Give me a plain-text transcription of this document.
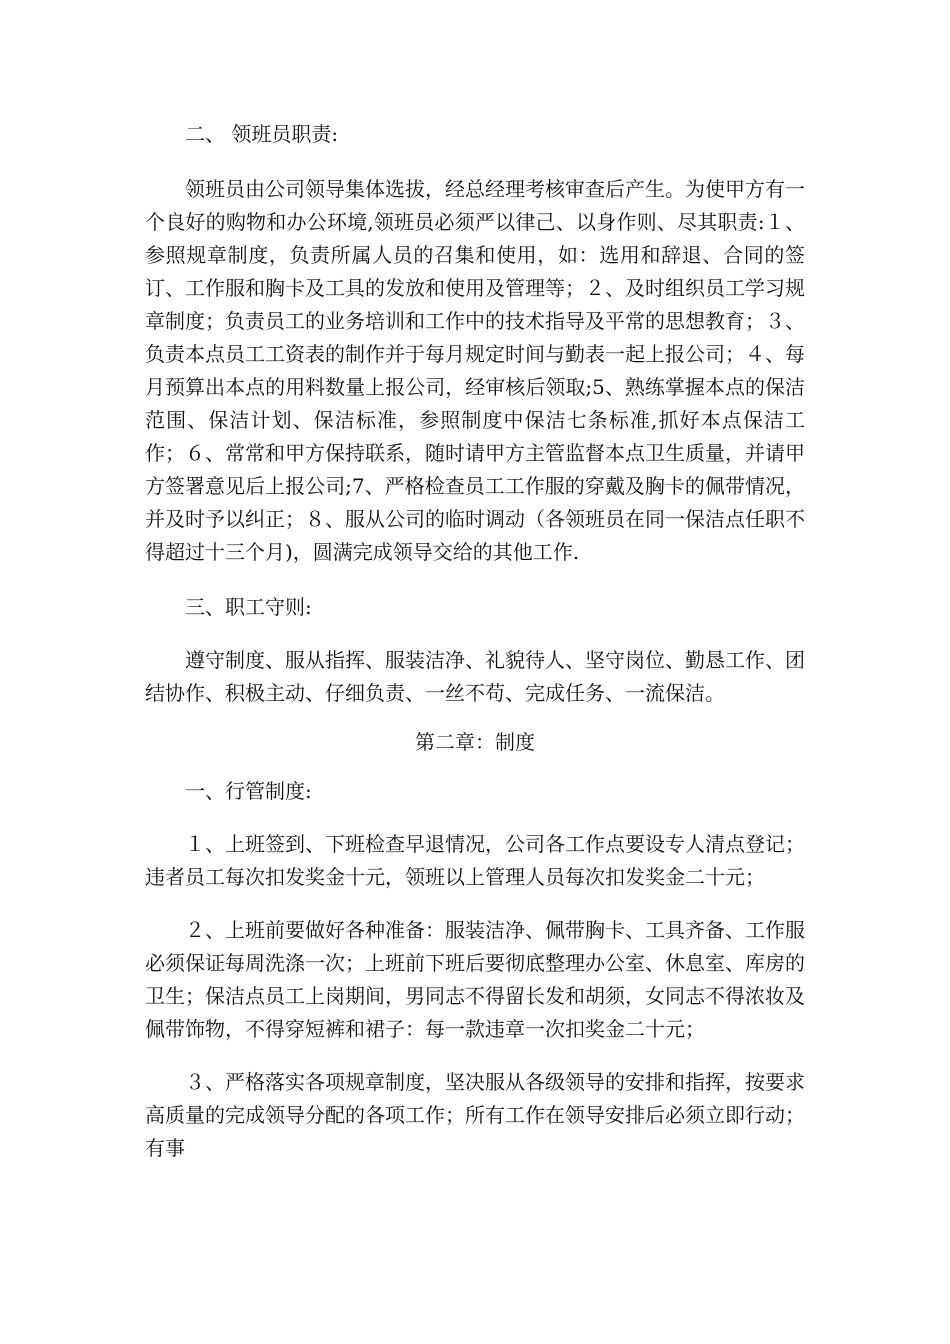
二、 领班员职责:

领班员由公司领导集体选拔，经总经理考核审查后产生。为使甲方有一个良好的购物和办公环境,领班员必须严以律己、以身作则、尽其职责:１、参照规章制度，负责所属人员的召集和使用，如：选用和辞退、合同的签订、工作服和胸卡及工具的发放和使用及管理等；２、及时组织员工学习规章制度；负责员工的业务培训和工作中的技术指导及平常的思想教育；３、负责本点员工工资表的制作并于每月规定时间与勤表一起上报公司；４、每月预算出本点的用料数量上报公司，经审核后领取;5、熟练掌握本点的保洁范围、保洁计划、保洁标准，参照制度中保洁七条标准,抓好本点保洁工作；６、常常和甲方保持联系，随时请甲方主管监督本点卫生质量，并请甲方签署意见后上报公司;7、严格检查员工工作服的穿戴及胸卡的佩带情况，并及时予以纠正；８、服从公司的临时调动（各领班员在同一保洁点任职不得超过十三个月)，圆满完成领导交给的其他工作.

三、职工守则:

遵守制度、服从指挥、服装洁净、礼貌待人、坚守岗位、勤恳工作、团结协作、积极主动、仔细负责、一丝不苟、完成任务、一流保洁。

第二章：制度

一、行管制度:

１、上班签到、下班检查早退情况，公司各工作点要设专人清点登记；违者员工每次扣发奖金十元，领班以上管理人员每次扣发奖金二十元；

２、上班前要做好各种准备：服装洁净、佩带胸卡、工具齐备、工作服必须保证每周洗涤一次；上班前下班后要彻底整理办公室、休息室、库房的卫生；保洁点员工上岗期间，男同志不得留长发和胡须，女同志不得浓妆及佩带饰物，不得穿短裤和裙子：每一款违章一次扣奖金二十元；

３、严格落实各项规章制度，坚决服从各级领导的安排和指挥，按要求高质量的完成领导分配的各项工作；所有工作在领导安排后必须立即行动；有事
